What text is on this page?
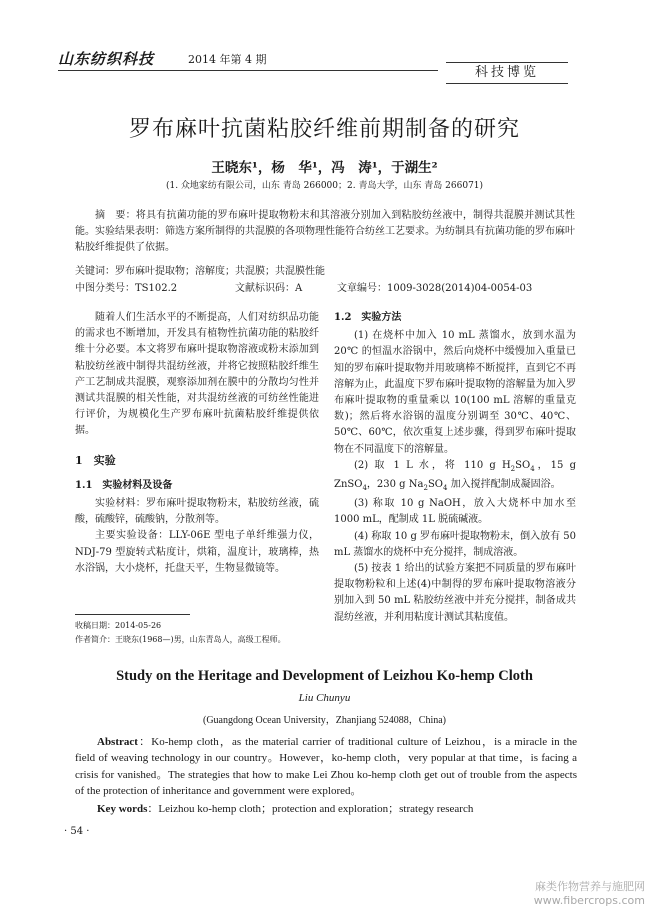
山东纺织科技	2014 年第 4 期
科技博览
罗布麻叶抗菌粘胶纤维前期制备的研究
王晓东¹，杨　华¹，冯　涛¹，于湖生²
(1. 众地家纺有限公司，山东 青岛 266000；2. 青岛大学，山东 青岛 266071)
摘　要：将具有抗菌功能的罗布麻叶提取物粉末和其溶液分别加入到粘胶纺丝液中，制得共混膜并测试其性能。实验结果表明：筛选方案所制得的共混膜的各项物理性能符合纺丝工艺要求。为纺制具有抗菌功能的罗布麻叶粘胶纤维提供了依据。
关键词：罗布麻叶提取物；溶解度；共混膜；共混膜性能
中图分类号：TS102.2	文献标识码：A	文章编号：1009-3028(2014)04-0054-03

随着人们生活水平的不断提高，人们对纺织品功能的需求也不断增加，开发具有植物性抗菌功能的粘胶纤维十分必要。本文将罗布麻叶提取物溶液或粉末添加到粘胶纺丝液中制得共混纺丝液，并将它按照粘胶纤维生产工艺制成共混膜，观察添加剂在膜中的分散均匀性并测试共混膜的相关性能，对共混纺丝液的可纺丝性能进行评价，为规模化生产罗布麻叶抗菌粘胶纤维提供依据。

1　实验
1.1　实验材料及设备

实验材料：罗布麻叶提取物粉末，粘胶纺丝液，硫酸，硫酸锌，硫酸钠，分散剂等。

主要实验设备：LLY-06E 型电子单纤维强力仪，NDJ-79 型旋转式粘度计，烘箱，温度计，玻璃棒，热水浴锅，大小烧杯，托盘天平，生物显微镜等。

1.2　实验方法

(1) 在烧杯中加入 10 mL 蒸馏水，放到水温为 20℃ 的恒温水浴锅中，然后向烧杯中缓慢加入重量已知的罗布麻叶提取物并用玻璃棒不断搅拌，直到它不再溶解为止，此温度下罗布麻叶提取物的溶解量为加入罗布麻叶提取物的重量乘以 10(100 mL 溶解的重量克数)；然后将水浴锅的温度分别调至 30℃、40℃、50℃、60℃，依次重复上述步骤，得到罗布麻叶提取物在不同温度下的溶解量。

(2) 取 1 L 水，将 110 g $H_2SO_4$，15 g ZnSO$_4$，230 g $Na_2SO_4$ 加入搅拌配制成凝固浴。

(3) 称取 10 g NaOH，放入大烧杯中加水至 1000 mL，配制成 1L 脱硫碱液。

(4) 称取 10 g 罗布麻叶提取物粉末，倒入放有 50 mL 蒸馏水的烧杯中充分搅拌，制成溶液。

(5) 按表 1 给出的试验方案把不同质量的罗布麻叶提取物粉粒和上述(4)中制得的罗布麻叶提取物溶液分别加入到 50 mL 粘胶纺丝液中并充分搅拌，制备成共混纺丝液，并利用粘度计测试其粘度值。

收稿日期：2014-05-26
作者简介：王晓东(1968—)男，山东青岛人，高级工程师。
Study on the Heritage and Development of Leizhou Ko-hemp Cloth
Liu Chunyu
(Guangdong Ocean University，Zhanjiang 524088，China)
Abstract：Ko-hemp cloth，as the material carrier of traditional culture of Leizhou，is a miracle in the field of weaving technology in our country。However，ko-hemp cloth，very popular at that time，is facing a crisis for vanished。The strategies that how to make Lei Zhou ko-hemp cloth get out of trouble from the aspects of the protection of inheritance and government were explored。
Key words：Leizhou ko-hemp cloth；protection and exploration；strategy research
· 54 ·
麻类作物营养与施肥网
www.fibercrops.com
